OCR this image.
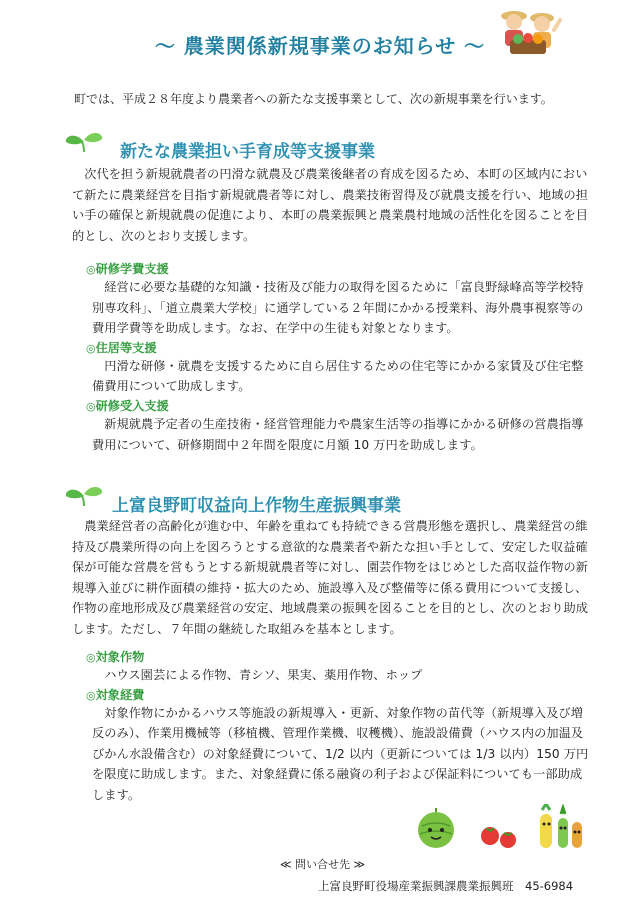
〜 農業関係新規事業のお知らせ 〜
町では、平成２８年度より農業者への新たな支援事業として、次の新規事業を行います。
新たな農業担い手育成等支援事業

次代を担う新規就農者の円滑な就農及び農業後継者の育成を図るため、本町の区域内において新たに農業経営を目指す新規就農者等に対し、農業技術習得及び就農支援を行い、地域の担い手の確保と新規就農の促進により、本町の農業振興と農業農村地域の活性化を図ることを目的とし、次のとおり支援します。

◎研修学費支援

経営に必要な基礎的な知識・技術及び能力の取得を図るために「富良野緑峰高等学校特別専攻科」、「道立農業大学校」に通学している２年間にかかる授業料、海外農事視察等の費用学費等を助成します。なお、在学中の生徒も対象となります。

◎住居等支援

円滑な研修・就農を支援するために自ら居住するための住宅等にかかる家賃及び住宅整備費用について助成します。

◎研修受入支援

新規就農予定者の生産技術・経営管理能力や農家生活等の指導にかかる研修の営農指導費用について、研修期間中２年間を限度に月額 10 万円を助成します。

上富良野町収益向上作物生産振興事業

農業経営者の高齢化が進む中、年齢を重ねても持続できる営農形態を選択し、農業経営の維持及び農業所得の向上を図ろうとする意欲的な農業者や新たな担い手として、安定した収益確保が可能な営農を営もうとする新規就農者等に対し、園芸作物をはじめとした高収益作物の新規導入並びに耕作面積の維持・拡大のため、施設導入及び整備等に係る費用について支援し、作物の産地形成及び農業経営の安定、地域農業の振興を図ることを目的とし、次のとおり助成します。ただし、７年間の継続した取組みを基本とします。

◎対象作物

ハウス園芸による作物、青シソ、果実、薬用作物、ホップ

◎対象経費

対象作物にかかるハウス等施設の新規導入・更新、対象作物の苗代等（新規導入及び増反のみ）、作業用機械等（移植機、管理作業機、収穫機）、施設設備費（ハウス内の加温及びかん水設備含む）の対象経費について、1/2 以内（更新については 1/3 以内）150 万円を限度に助成します。また、対象経費に係る融資の利子および保証料についても一部助成します。

≪ 問い合せ先 ≫
上富良野町役場産業振興課農業振興班　45-6984
